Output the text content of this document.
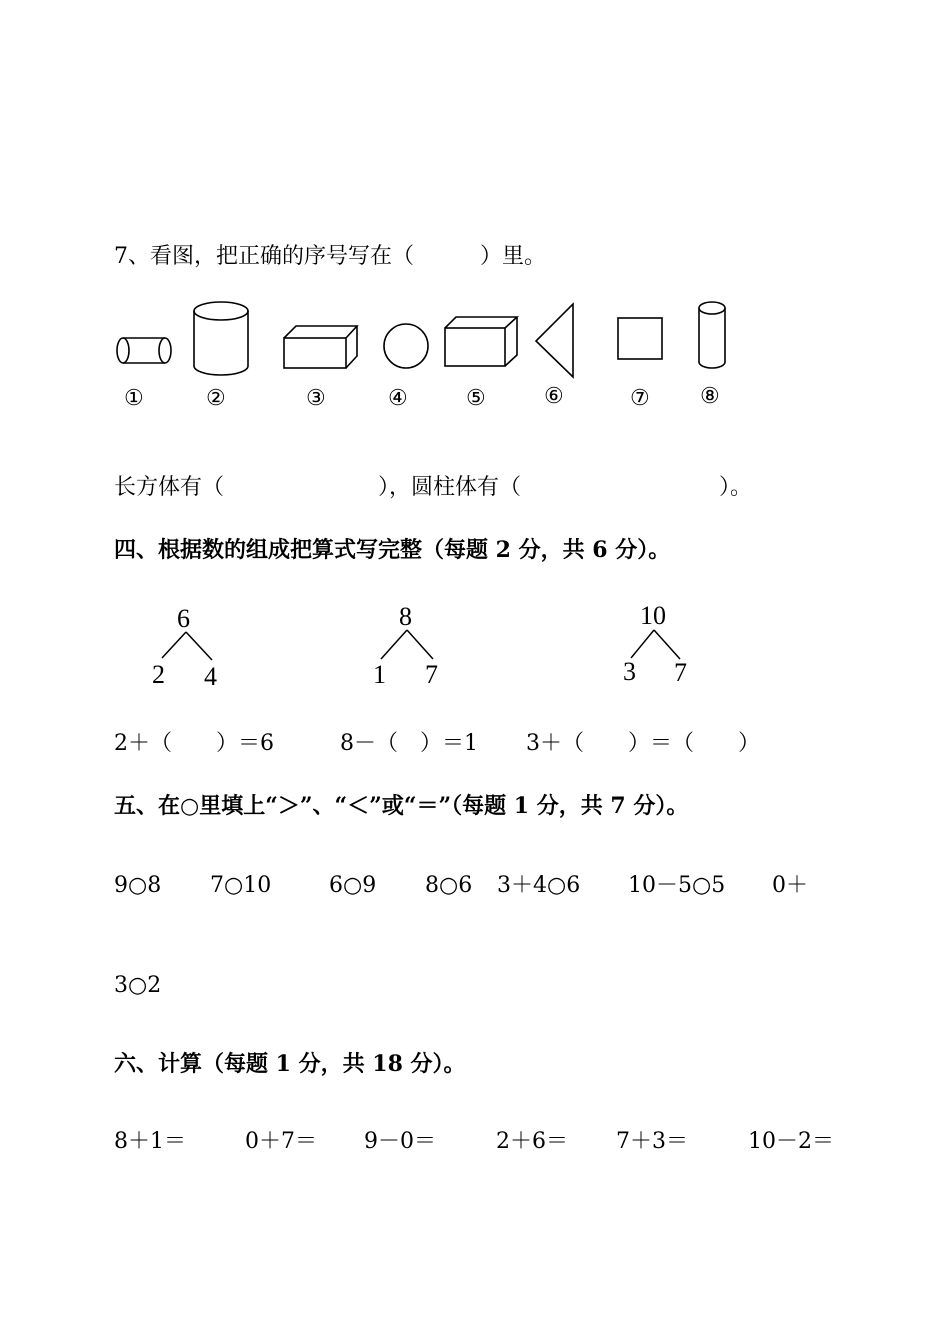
7、看图，把正确的序号写在（　　　）里。
①	②	③	④	⑤	⑥	⑦ ⑧
长方体有（　　　　　　　），圆柱体有（　　　　　　　　　）。
四、根据数的组成把算式写完整（每题 2 分，共 6 分）。
6
2 4
8
1 7
10
3 7
2＋（　　）＝6	8－（　）＝1 3＋（　　）＝（　　）
五、在○里填上“＞”、“＜”或“＝”（每题 1 分，共 7 分）。
9○8 7○10	6○9 8○6 3＋4○6 10－5○5 0＋
3○2
六、计算（每题 1 分，共 18 分）。
8＋1＝	0＋7＝ 9－0＝	2＋6＝ 7＋3＝	10－2＝
